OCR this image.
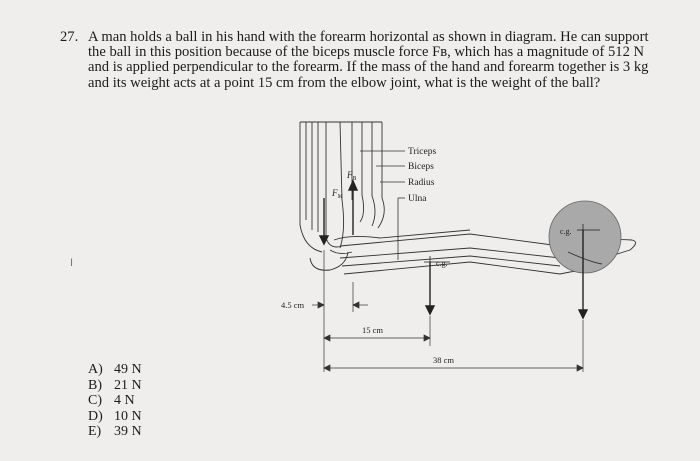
27. A man holds a ball in his hand with the forearm horizontal as shown in diagram. He can support the ball in this position because of the biceps muscle force Fʙ, which has a magnitude of 512 N and is applied perpendicular to the forearm. If the mass of the hand and forearm together is 3 kg and its weight acts at a point 15 cm from the elbow joint, what is the weight of the ball?
I
Triceps
Biceps
Radius
Ulna
$F_M$
$F_B$
c.g.
c.g.
4.5 cm
15 cm
38 cm
A) 49 N
B) 21 N
C) 4 N
D) 10 N
E) 39 N
